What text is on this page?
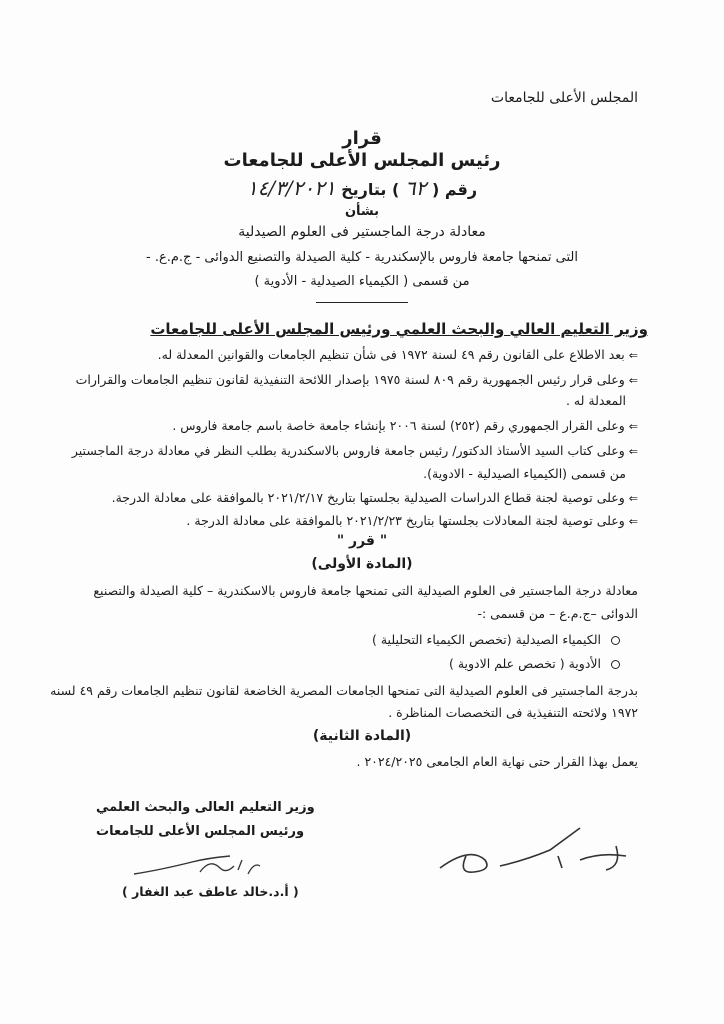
المجلس الأعلى للجامعات
قرار
رئيس المجلس الأعلى للجامعات
رقم ( ٦٢ ) بتاريخ ١٤/٣/٢٠٢١
بشأن
معادلة درجة الماجستير فى العلوم الصيدلية
التى تمنحها جامعة فاروس بالإسكندرية - كلية الصيدلة والتصنيع الدوائى - ج.م.ع. -
من قسمى ( الكيمياء الصيدلية - الأدوية )
وزير التعليم العالي والبحث العلمي ورئيس المجلس الأعلى للجامعات
⇐بعد الاطلاع على القانون رقم ٤٩ لسنة ١٩٧٢ فى شأن تنظيم الجامعات والقوانين المعدلة له.
⇐وعلى قرار رئيس الجمهورية رقم ٨٠٩ لسنة ١٩٧٥ بإصدار اللائحة التنفيذية لقانون تنظيم الجامعات والقرارات
المعدلة له .
⇐وعلى القرار الجمهوري رقم (٢٥٢) لسنة ٢٠٠٦ بإنشاء جامعة خاصة باسم جامعة فاروس .
⇐وعلى كتاب السيد الأستاذ الدكتور/ رئيس جامعة فاروس بالاسكندرية بطلب النظر في معادلة درجة الماجستير
من قسمى (الكيمياء الصيدلية - الادوية).
⇐وعلى توصية لجنة قطاع الدراسات الصيدلية بجلستها بتاريخ ٢٠٢١/٢/١٧ بالموافقة على معادلة الدرجة.
⇐وعلى توصية لجنة المعادلات بجلستها بتاريخ ٢٠٢١/٢/٢٣ بالموافقة على معادلة الدرجة .
" قرر "
(المادة الأولى)
معادلة درجة الماجستير فى العلوم الصيدلية التى تمنحها جامعة فاروس بالاسكندرية – كلية الصيدلة والتصنيع
الدوائى –ج.م.ع – من قسمى :-
الكيمياء الصيدلية (تخصص الكيمياء التحليلية )
الأدوية ( تخصص علم الادوية )
بدرجة الماجستير فى العلوم الصيدلية التى تمنحها الجامعات المصرية الخاضعة لقانون تنظيم الجامعات رقم ٤٩ لسنه
١٩٧٢ ولائحته التنفيذية فى التخصصات المناظرة .
(المادة الثانية)
يعمل بهذا القرار حتى نهاية العام الجامعى ٢٠٢٤/٢٠٢٥ .
وزير التعليم العالى والبحث العلمي
ورئيس المجلس الأعلى للجامعات
( أ.د.خالد عاطف عبد الغفار )
